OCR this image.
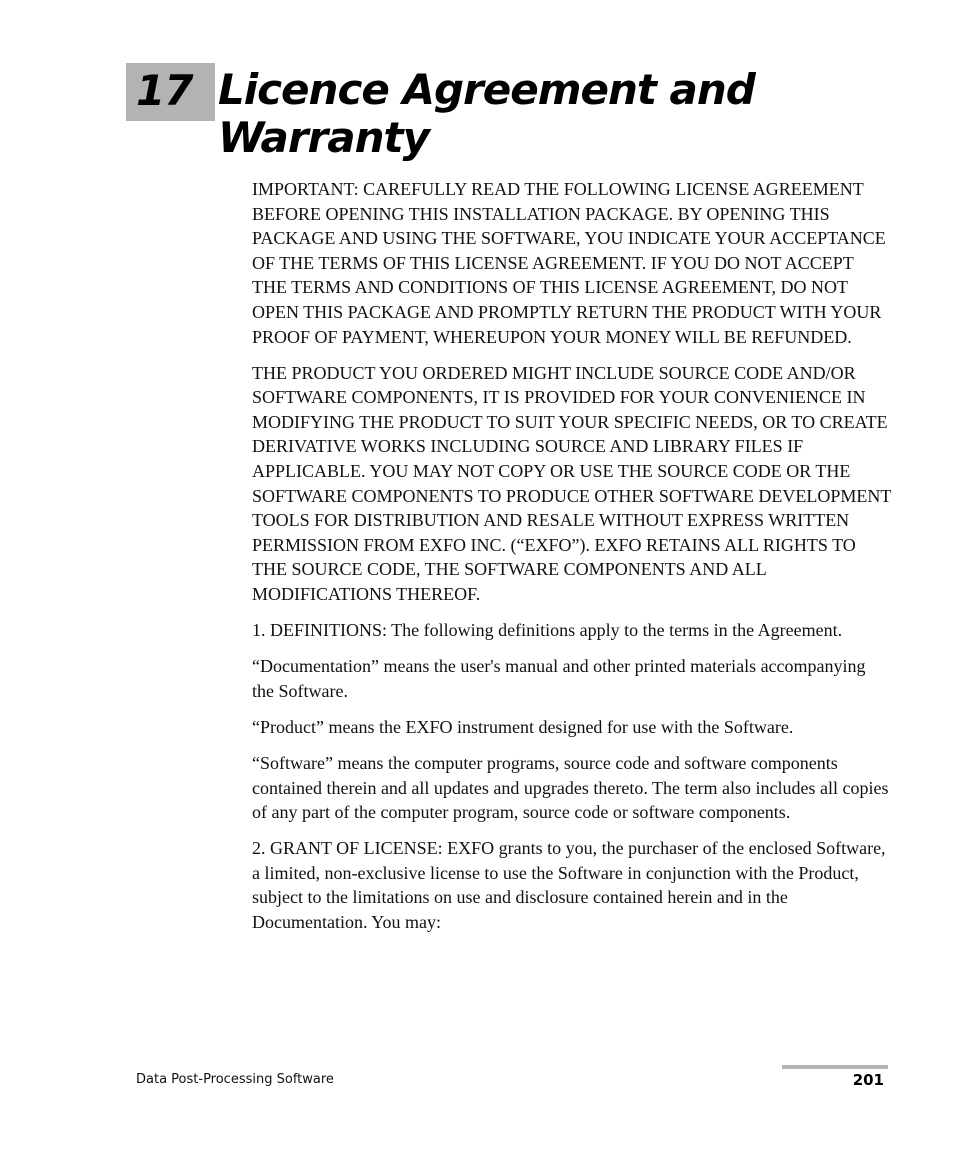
17 Licence Agreement and Warranty

IMPORTANT: CAREFULLY READ THE FOLLOWING LICENSE AGREEMENT BEFORE OPENING THIS INSTALLATION PACKAGE. BY OPENING THIS PACKAGE AND USING THE SOFTWARE, YOU INDICATE YOUR ACCEPTANCE OF THE TERMS OF THIS LICENSE AGREEMENT. IF YOU DO NOT ACCEPT THE TERMS AND CONDITIONS OF THIS LICENSE AGREEMENT, DO NOT OPEN THIS PACKAGE AND PROMPTLY RETURN THE PRODUCT WITH YOUR PROOF OF PAYMENT, WHEREUPON YOUR MONEY WILL BE REFUNDED.

THE PRODUCT YOU ORDERED MIGHT INCLUDE SOURCE CODE AND/OR SOFTWARE COMPONENTS, IT IS PROVIDED FOR YOUR CONVENIENCE IN MODIFYING THE PRODUCT TO SUIT YOUR SPECIFIC NEEDS, OR TO CREATE DERIVATIVE WORKS INCLUDING SOURCE AND LIBRARY FILES IF APPLICABLE. YOU MAY NOT COPY OR USE THE SOURCE CODE OR THE SOFTWARE COMPONENTS TO PRODUCE OTHER SOFTWARE DEVELOPMENT TOOLS FOR DISTRIBUTION AND RESALE WITHOUT EXPRESS WRITTEN PERMISSION FROM EXFO INC. (“EXFO”). EXFO RETAINS ALL RIGHTS TO THE SOURCE CODE, THE SOFTWARE COMPONENTS AND ALL MODIFICATIONS THEREOF.

1. DEFINITIONS: The following definitions apply to the terms in the Agreement.

“Documentation” means the user's manual and other printed materials accompanying the Software.

“Product” means the EXFO instrument designed for use with the Software.

“Software” means the computer programs, source code and software components contained therein and all updates and upgrades thereto. The term also includes all copies of any part of the computer program, source code or software components.

2. GRANT OF LICENSE: EXFO grants to you, the purchaser of the enclosed Software, a limited, non-exclusive license to use the Software in conjunction with the Product, subject to the limitations on use and disclosure contained herein and in the Documentation. You may:

Data Post-Processing Software	201
